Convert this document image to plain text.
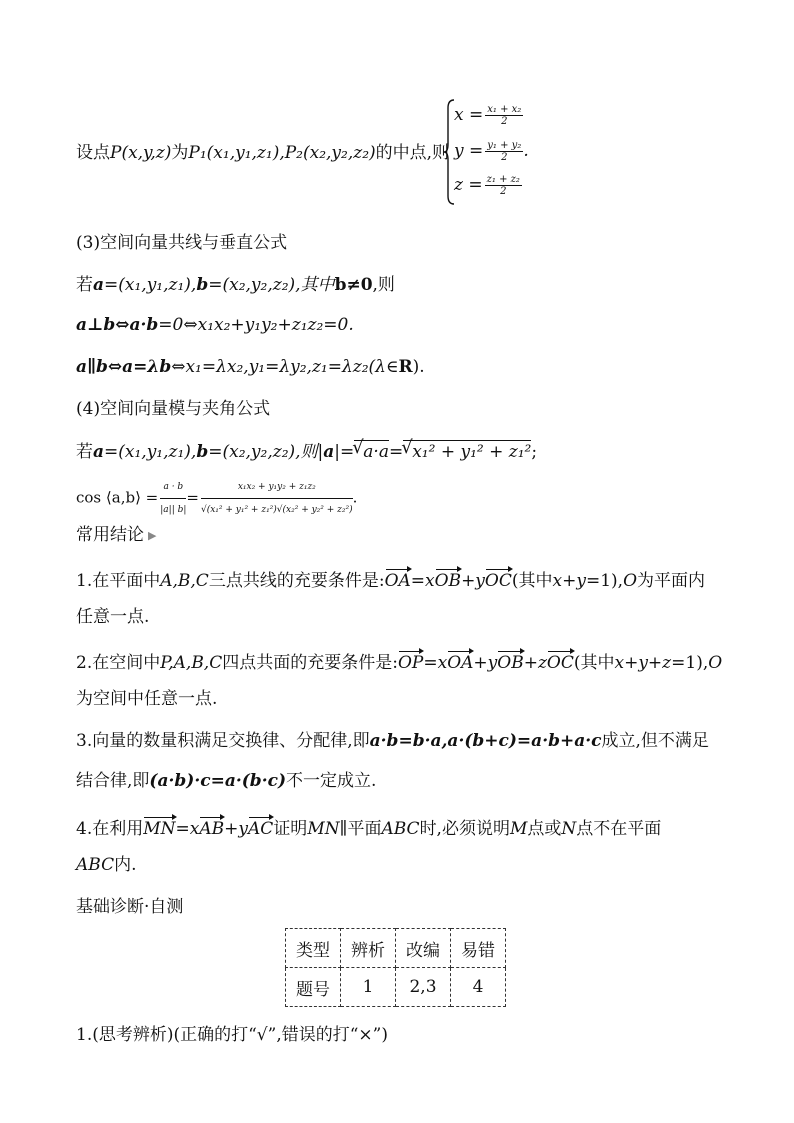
设点P(x,y,z)为P₁(x₁,y₁,z₁),P₂(x₂,y₂,z₂)的中点,则
$x = \frac{\text{x₁ + x₂}}{2}$
$y = \frac{\text{y₁ + y₂}}{2}$ .
$z = \frac{\text{z₁ + z₂}}{2}$
(3)空间向量共线与垂直公式
若a=(x₁,y₁,z₁),b=(x₂,y₂,z₂),其中b≠0,则
a⊥b⇔a·b=0⇔x₁x₂+y₁y₂+z₁z₂=0.
a∥b⇔a=λb⇔x₁=λx₂,y₁=λy₂,z₁=λz₂(λ∈R).
(4)空间向量模与夹角公式
若a=(x₁,y₁,z₁),b=(x₂,y₂,z₂),则|a|= √ a·a= √ x₁² + y₁² + z₁²;
cos ⟨a,b⟩ = $\frac{a \cdot b}{|a|| b|} = \frac{\text{x₁x₂ + y₁y₂ + z₁z₂}}{\text{√(x₁² + y₁² + z₁²)√(x₂² + y₂² + z₂²)}}$ .
常用结论 ▶
1.在平面中A,B,C三点共线的充要条件是:OA=xOB+yOC(其中x+y=1),O为平面内
任意一点.
2.在空间中P,A,B,C四点共面的充要条件是:OP=xOA+yOB+zOC(其中x+y+z=1),O
为空间中任意一点.
3.向量的数量积满足交换律、分配律,即a·b=b·a,a·(b+c)=a·b+a·c成立,但不满足
结合律,即(a·b)·c=a·(b·c)不一定成立.
4.在利用MN=xAB+yAC证明MN∥平面ABC时,必须说明M点或N点不在平面
ABC内.
基础诊断·自测
类型	辨析	改编	易错
题号	1	2,3	4
1.(思考辨析)(正确的打“√”,错误的打“×”)
